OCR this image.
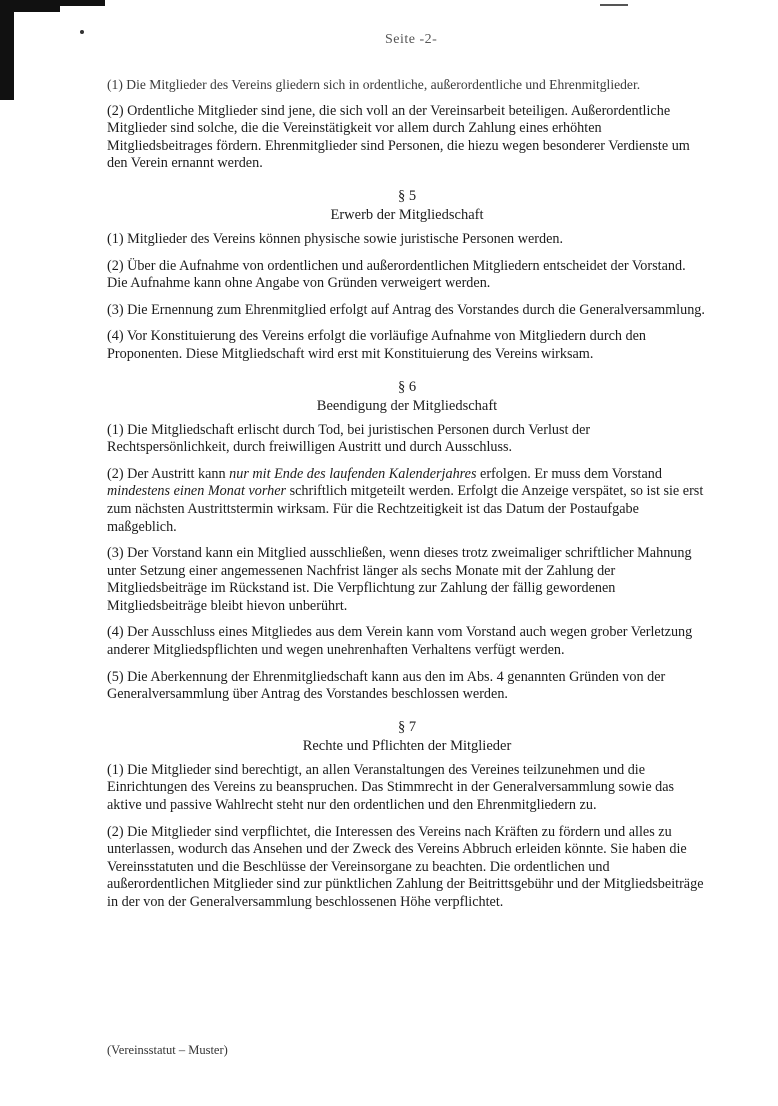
Seite -2-

(1) Die Mitglieder des Vereins gliedern sich in ordentliche, außerordentliche und Ehrenmitglieder.

(2) Ordentliche Mitglieder sind jene, die sich voll an der Vereinsarbeit beteiligen. Außerordentliche Mitglieder sind solche, die die Vereinstätigkeit vor allem durch Zahlung eines erhöhten Mitgliedsbeitrages fördern. Ehrenmitglieder sind Personen, die hiezu wegen besonderer Verdienste um den Verein ernannt werden.

§ 5
Erwerb der Mitgliedschaft

(1) Mitglieder des Vereins können physische sowie juristische Personen werden.

(2) Über die Aufnahme von ordentlichen und außerordentlichen Mitgliedern entscheidet der Vorstand. Die Aufnahme kann ohne Angabe von Gründen verweigert werden.

(3) Die Ernennung zum Ehrenmitglied erfolgt auf Antrag des Vorstandes durch die Generalversammlung.

(4) Vor Konstituierung des Vereins erfolgt die vorläufige Aufnahme von Mitgliedern durch den Proponenten. Diese Mitgliedschaft wird erst mit Konstituierung des Vereins wirksam.

§ 6
Beendigung der Mitgliedschaft

(1) Die Mitgliedschaft erlischt durch Tod, bei juristischen Personen durch Verlust der Rechtspersönlichkeit, durch freiwilligen Austritt und durch Ausschluss.

(2) Der Austritt kann nur mit Ende des laufenden Kalenderjahres erfolgen. Er muss dem Vorstand mindestens einen Monat vorher schriftlich mitgeteilt werden. Erfolgt die Anzeige verspätet, so ist sie erst zum nächsten Austrittstermin wirksam. Für die Rechtzeitigkeit ist das Datum der Postaufgabe maßgeblich.

(3) Der Vorstand kann ein Mitglied ausschließen, wenn dieses trotz zweimaliger schriftlicher Mahnung unter Setzung einer angemessenen Nachfrist länger als sechs Monate mit der Zahlung der Mitgliedsbeiträge im Rückstand ist. Die Verpflichtung zur Zahlung der fällig gewordenen Mitgliedsbeiträge bleibt hievon unberührt.

(4) Der Ausschluss eines Mitgliedes aus dem Verein kann vom Vorstand auch wegen grober Verletzung anderer Mitgliedspflichten und wegen unehrenhaften Verhaltens verfügt werden.

(5) Die Aberkennung der Ehrenmitgliedschaft kann aus den im Abs. 4 genannten Gründen von der Generalversammlung über Antrag des Vorstandes beschlossen werden.

§ 7
Rechte und Pflichten der Mitglieder

(1) Die Mitglieder sind berechtigt, an allen Veranstaltungen des Vereines teilzunehmen und die Einrichtungen des Vereins zu beanspruchen. Das Stimmrecht in der Generalversammlung sowie das aktive und passive Wahlrecht steht nur den ordentlichen und den Ehrenmitgliedern zu.

(2) Die Mitglieder sind verpflichtet, die Interessen des Vereins nach Kräften zu fördern und alles zu unterlassen, wodurch das Ansehen und der Zweck des Vereins Abbruch erleiden könnte. Sie haben die Vereinsstatuten und die Beschlüsse der Vereinsorgane zu beachten. Die ordentlichen und außerordentlichen Mitglieder sind zur pünktlichen Zahlung der Beitrittsgebühr und der Mitgliedsbeiträge in der von der Generalversammlung beschlossenen Höhe verpflichtet.

(Vereinsstatut – Muster)
